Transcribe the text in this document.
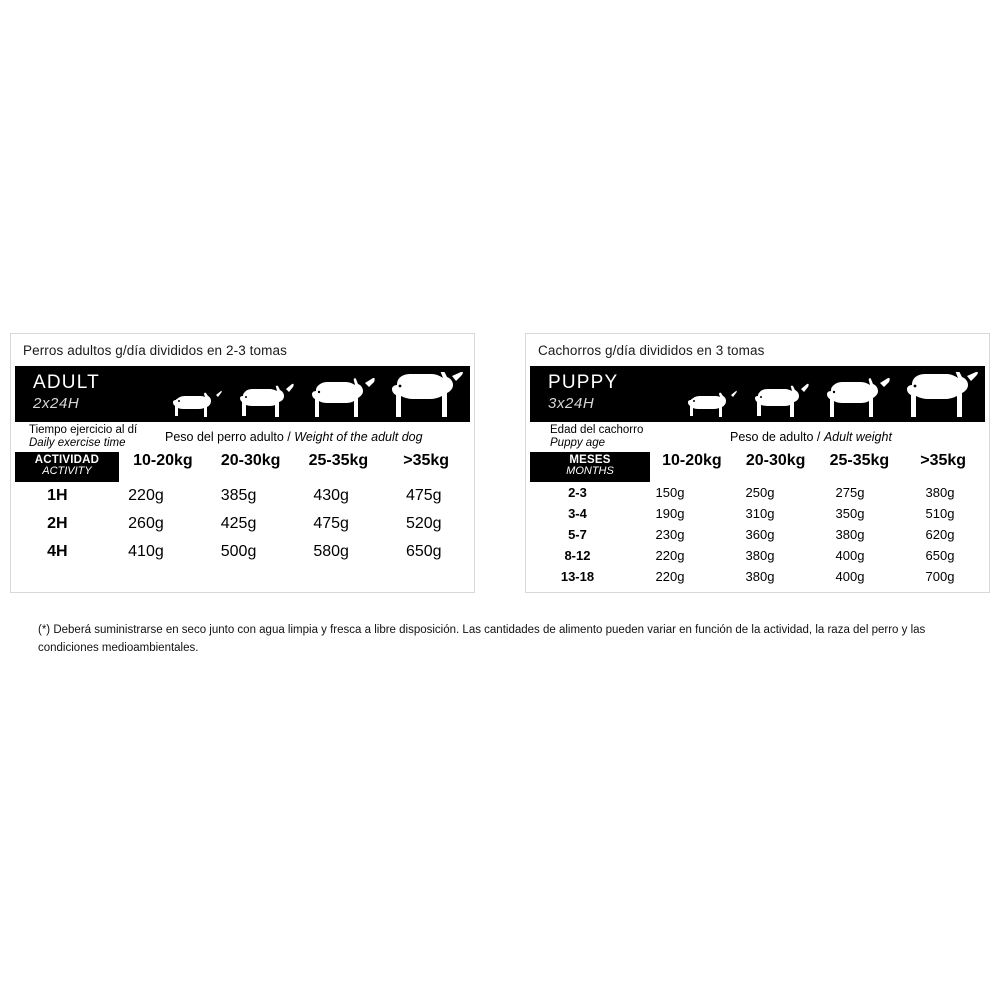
Perros adultos g/día divididos en 2-3 tomas
ADULT
2x24H
Tiempo ejercicio al dí
Daily exercise time	Peso del perro adulto / Weight of the adult dog
ACTIVIDAD
ACTIVITY
10-20kg	20-30kg	25-35kg	>35kg
1H	220g	385g	430g	475g
2H	260g	425g	475g	520g
4H	410g	500g	580g	650g
Cachorros g/día divididos en 3 tomas
PUPPY
3x24H
Edad del cachorro
Puppy age	Peso de adulto / Adult weight
MESES
MONTHS
10-20kg	20-30kg	25-35kg	>35kg
2-3	150g	250g	275g	380g
3-4	190g	310g	350g	510g
5-7	230g	360g	380g	620g
8-12	220g	380g	400g	650g
13-18	220g	380g	400g	700g
(*) Deberá suministrarse en seco junto con agua limpia y fresca a libre disposición. Las cantidades de alimento pueden variar en función de la actividad, la raza del perro y las condiciones medioambientales.
